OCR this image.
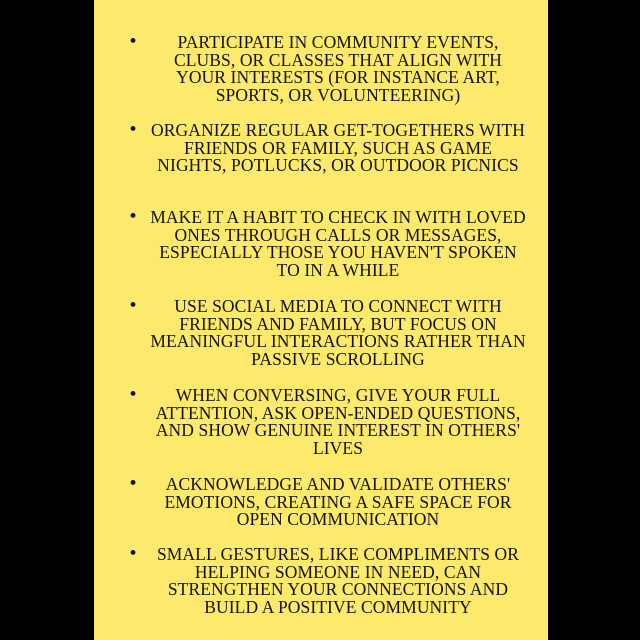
•	PARTICIPATE IN COMMUNITY EVENTS, CLUBS, OR CLASSES THAT ALIGN WITH YOUR INTERESTS (FOR INSTANCE ART, SPORTS, OR VOLUNTEERING)
• ORGANIZE REGULAR GET-TOGETHERS WITH FRIENDS OR FAMILY, SUCH AS GAME NIGHTS, POTLUCKS, OR OUTDOOR PICNICS
• MAKE IT A HABIT TO CHECK IN WITH LOVED ONES THROUGH CALLS OR MESSAGES, ESPECIALLY THOSE YOU HAVEN'T SPOKEN TO IN A WHILE
•	USE SOCIAL MEDIA TO CONNECT WITH FRIENDS AND FAMILY, BUT FOCUS ON MEANINGFUL INTERACTIONS RATHER THAN PASSIVE SCROLLING
•	WHEN CONVERSING, GIVE YOUR FULL ATTENTION, ASK OPEN-ENDED QUESTIONS, AND SHOW GENUINE INTEREST IN OTHERS' LIVES
•	ACKNOWLEDGE AND VALIDATE OTHERS' EMOTIONS, CREATING A SAFE SPACE FOR OPEN COMMUNICATION
•	SMALL GESTURES, LIKE COMPLIMENTS OR HELPING SOMEONE IN NEED, CAN STRENGTHEN YOUR CONNECTIONS AND BUILD A POSITIVE COMMUNITY
